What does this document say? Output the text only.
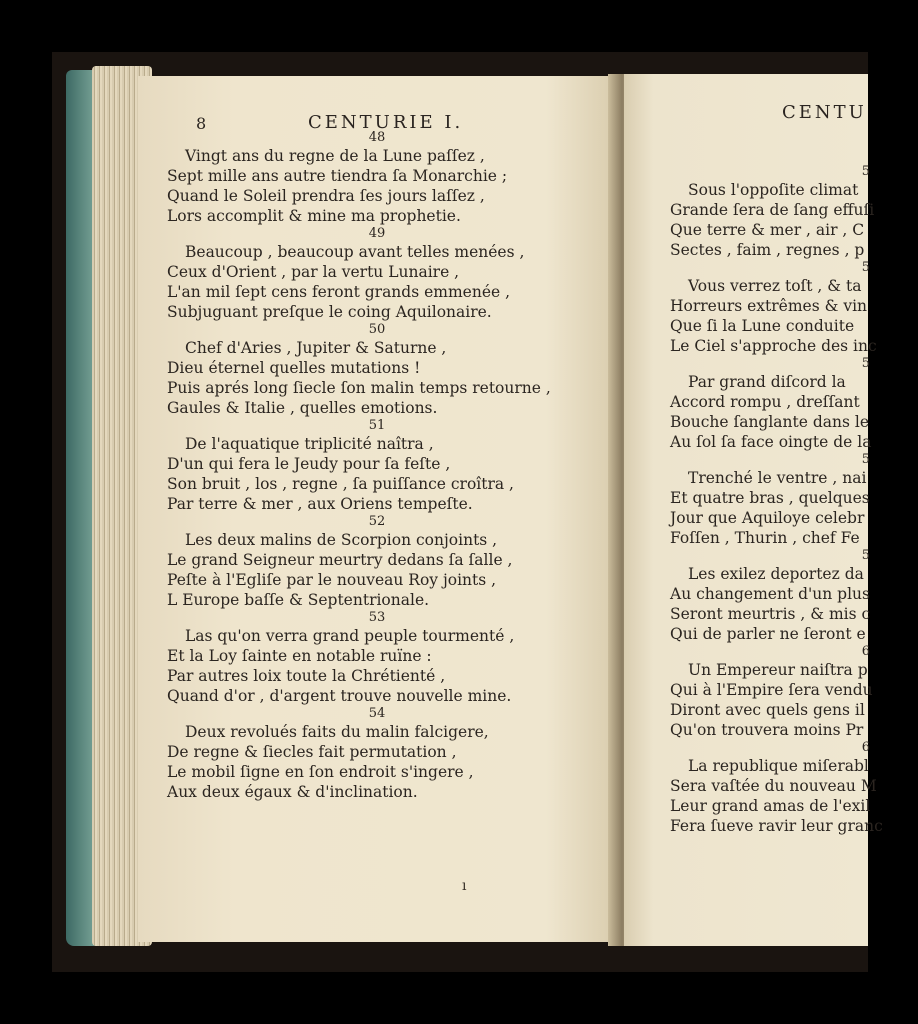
8	CENTURIE I.
48
Vingt ans du regne de la Lune paſſez ,
Sept mille ans autre tiendra ſa Monarchie ;
Quand le Soleil prendra ſes jours laſſez ,
Lors accomplit & mine ma prophetie.
49
Beaucoup , beaucoup avant telles menées ,
Ceux d'Orient , par la vertu Lunaire ,
L'an mil ſept cens feront grands emmenée ,
Subjuguant preſque le coing Aquilonaire.
50
Chef d'Aries , Jupiter & Saturne ,
Dieu éternel quelles mutations !
Puis aprés long ſiecle ſon malin temps retourne ,
Gaules & Italie , quelles emotions.
51
De l'aquatique triplicité naîtra ,
D'un qui fera le Jeudy pour ſa feſte ,
Son bruit , los , regne , ſa puiſſance croîtra ,
Par terre & mer , aux Oriens tempeſte.
52
Les deux malins de Scorpion conjoints ,
Le grand Seigneur meurtry dedans ſa ſalle ,
Peſte à l'Egliſe par le nouveau Roy joints ,
L Europe baſſe & Septentrionale.
53
Las qu'on verra grand peuple tourmenté ,
Et la Loy ſainte en notable ruïne :
Par autres loix toute la Chrétienté ,
Quand d'or , d'argent trouve nouvelle mine.
54
Deux revolués faits du malin falcigere,
De regne & ſiecles fait permutation ,
Le mobil ſigne en ſon endroit s'ingere ,
Aux deux égaux & d'inclination.
ı
CENTU
5
Sous l'oppoſite climat
Grande ſera de ſang effuſi
Que terre & mer , air , C
Sectes , faim , regnes , p
5
Vous verrez toſt , & ta
Horreurs extrêmes & vin
Que ſi la Lune conduite
Le Ciel s'approche des inc
5
Par grand diſcord la
Accord rompu , dreſſant
Bouche ſanglante dans le
Au ſol ſa face oingte de la
5
Trenché le ventre , nai
Et quatre bras , quelques
Jour que Aquiloye celebr
Foſſen , Thurin , chef Fe
5
Les exilez deportez da
Au changement d'un plus
Seront meurtris , & mis c
Qui de parler ne ſeront e
6
Un Empereur naiſtra p
Qui à l'Empire ſera vendu
Diront avec quels gens il
Qu'on trouvera moins Pr
6
La republique miſerabl
Sera vaſtée du nouveau M
Leur grand amas de l'exil
Fera ſueve ravir leur granc
